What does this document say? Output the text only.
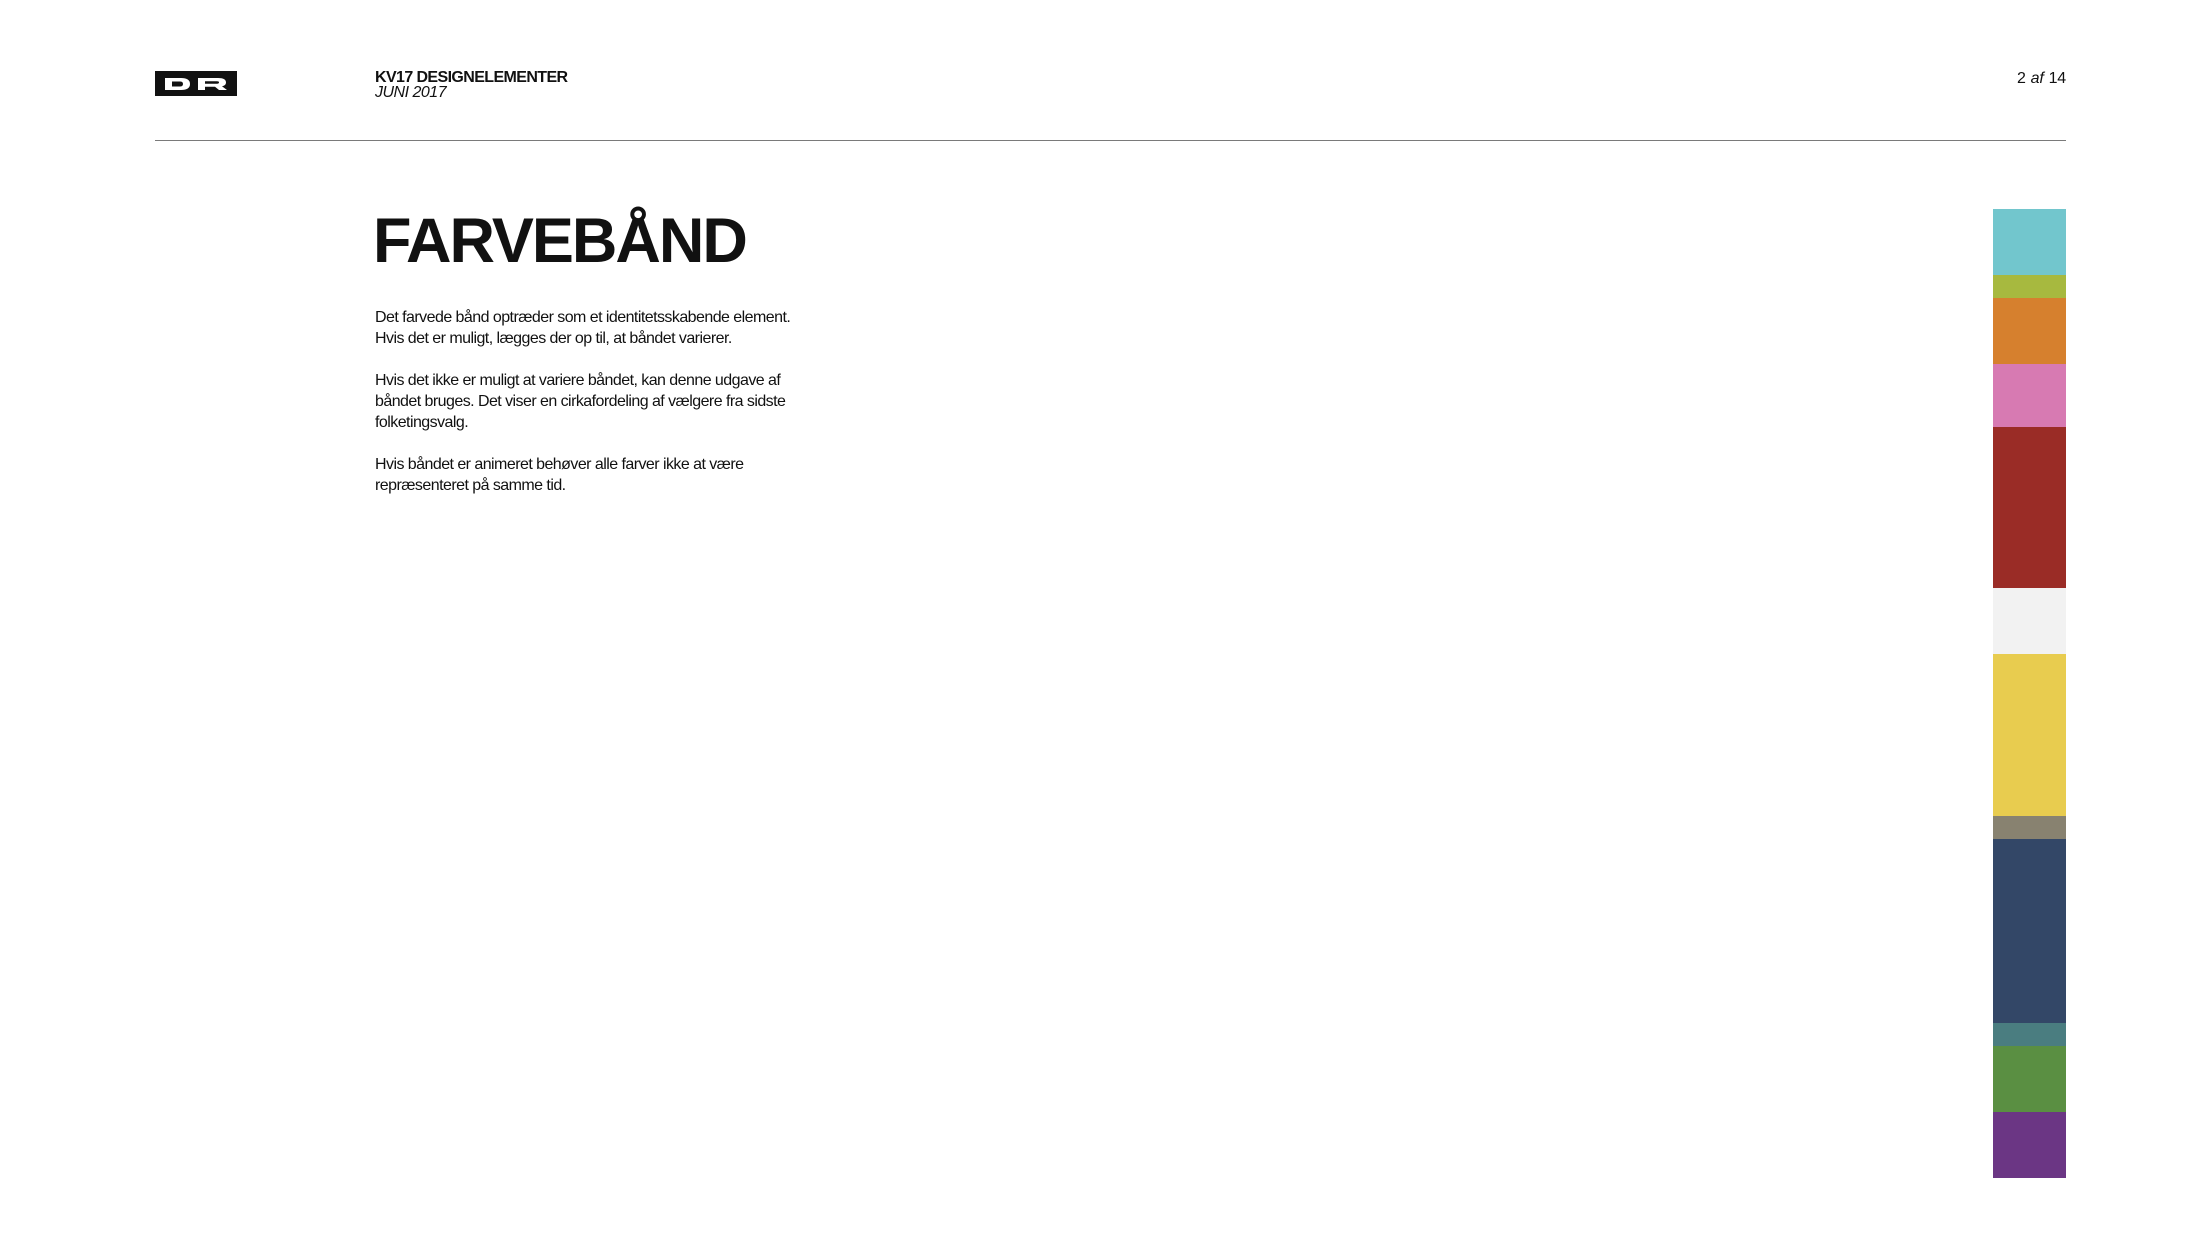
KV17 DESIGNELEMENTER
JUNI 2017
2 af 14
FARVEBÅND

Det farvede bånd optræder som et identitetsskabende element. Hvis det er muligt, lægges der op til, at båndet varierer.

Hvis det ikke er muligt at variere båndet, kan denne udgave af båndet bruges. Det viser en cirkafordeling af vælgere fra sidste folketingsvalg.

Hvis båndet er animeret behøver alle farver ikke at være repræsenteret på samme tid.
